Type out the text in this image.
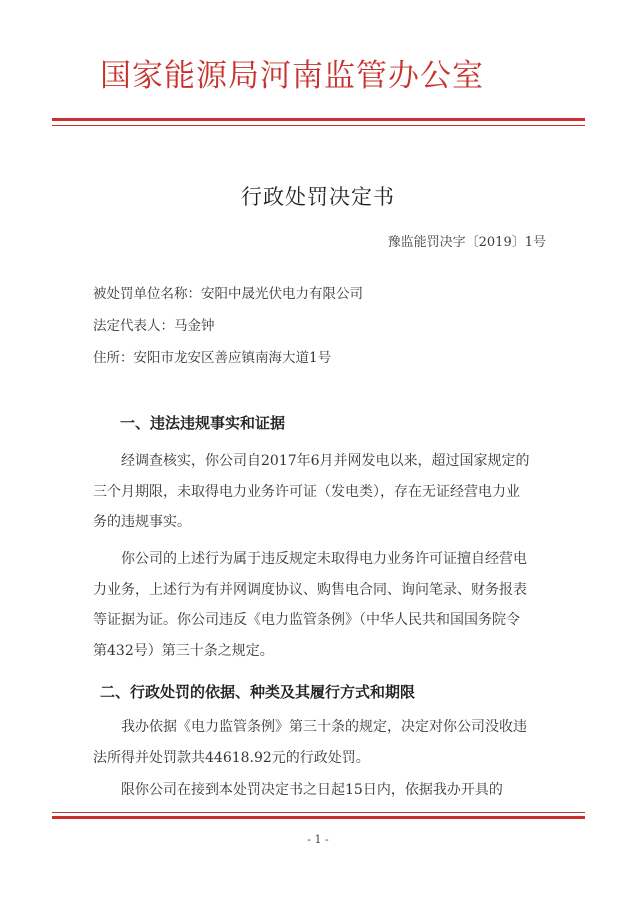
国家能源局河南监管办公室
行政处罚决定书
豫监能罚决字〔2019〕1号
被处罚单位名称：安阳中晟光伏电力有限公司
法定代表人：马金钟
住所：安阳市龙安区善应镇南海大道1号
一、违法违规事实和证据

经调查核实，你公司自2017年6月并网发电以来，超过国家规定的三个月期限，未取得电力业务许可证（发电类），存在无证经营电力业务的违规事实。

你公司的上述行为属于违反规定未取得电力业务许可证擅自经营电力业务，上述行为有并网调度协议、购售电合同、询问笔录、财务报表等证据为证。你公司违反《电力监管条例》（中华人民共和国国务院令第432号）第三十条之规定。

二、行政处罚的依据、种类及其履行方式和期限

我办依据《电力监管条例》第三十条的规定，决定对你公司没收违法所得并处罚款共44618.92元的行政处罚。

限你公司在接到本处罚决定书之日起15日内，依据我办开具的

- 1 -
